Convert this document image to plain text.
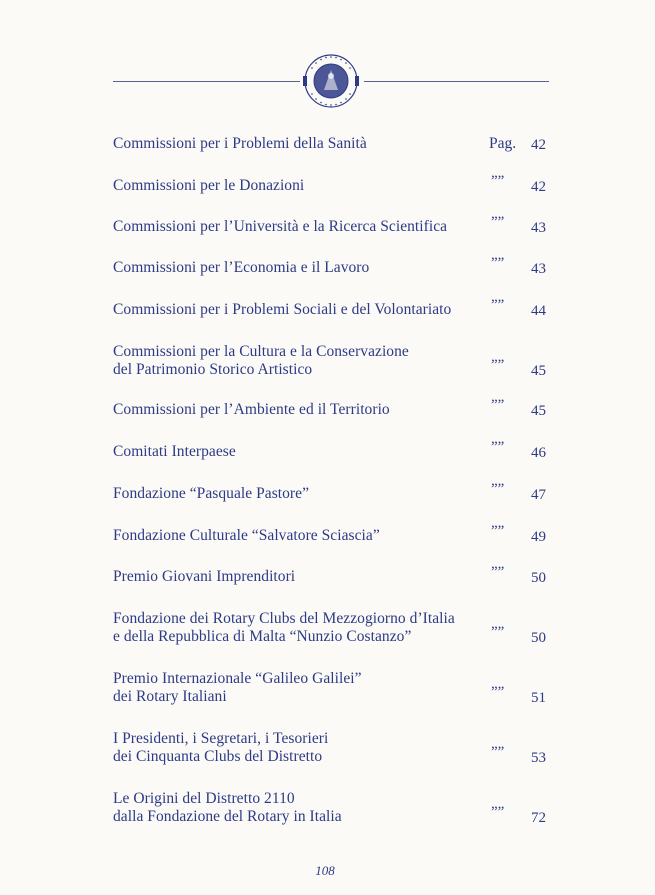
Commissioni per i Problemi della Sanità	Pag. 42
Commissioni per le Donazioni	””	42
Commissioni per l’Università e la Ricerca Scientifica	””	43
Commissioni per l’Economia e il Lavoro	””	43
Commissioni per i Problemi Sociali e del Volontariato	””	44
Commissioni per la Cultura e la Conservazione
del Patrimonio Storico Artistico	””	45
Commissioni per l’Ambiente ed il Territorio	””	45
Comitati Interpaese	””	46
Fondazione “Pasquale Pastore”	””	47
Fondazione Culturale “Salvatore Sciascia”	””	49
Premio Giovani Imprenditori	””	50
Fondazione dei Rotary Clubs del Mezzogiorno d’Italia
e della Repubblica di Malta “Nunzio Costanzo”	””	50
Premio Internazionale “Galileo Galilei”
dei Rotary Italiani	””	51
I Presidenti, i Segretari, i Tesorieri
dei Cinquanta Clubs del Distretto	””	53
Le Origini del Distretto 2110
dalla Fondazione del Rotary in Italia	””	72
108
